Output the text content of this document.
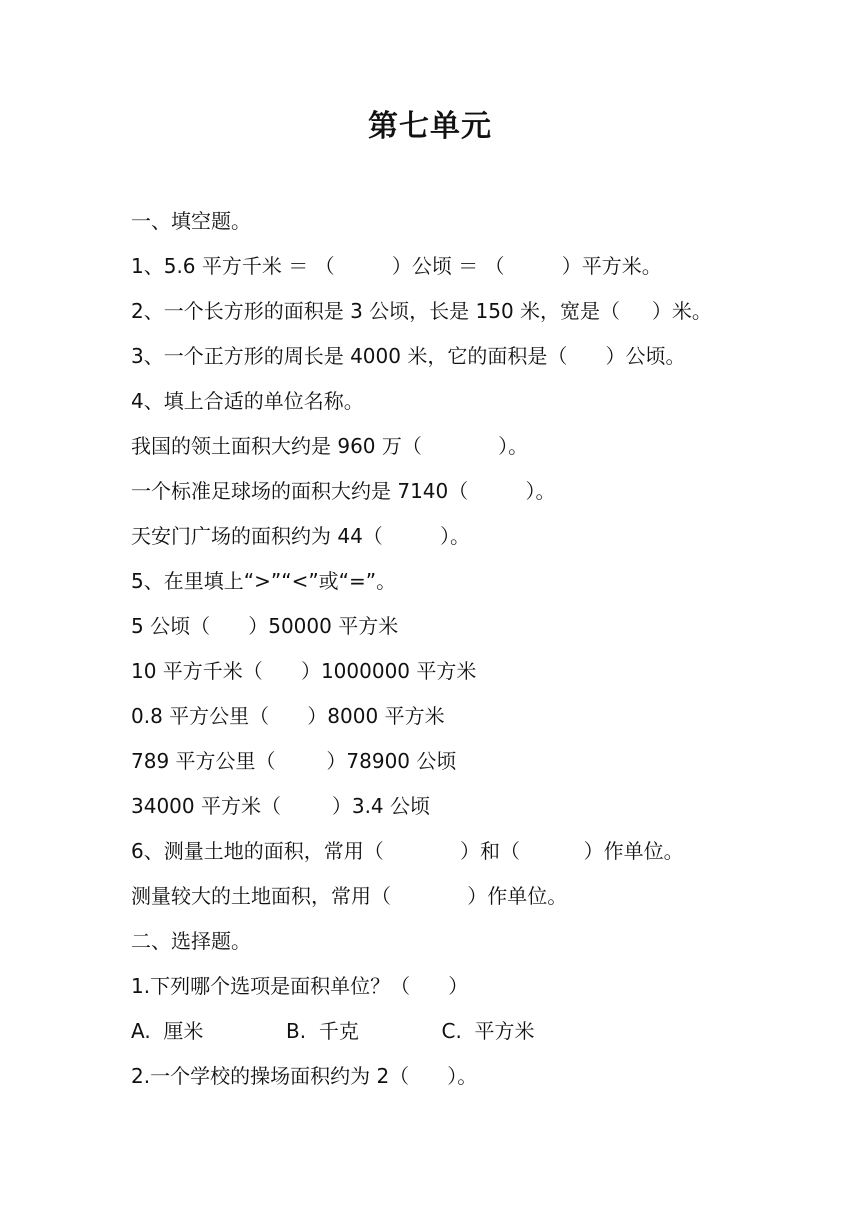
第七单元
一、填空题。
1、5.6 平方千米 ＝ （         ）公顷 ＝ （         ）平方米。
2、一个长方形的面积是 3 公顷，长是 150 米，宽是（     ）米。
3、一个正方形的周长是 4000 米，它的面积是（      ）公顷。
4、填上合适的单位名称。
我国的领土面积大约是 960 万（            ）。
一个标准足球场的面积大约是 7140（         ）。
天安门广场的面积约为 44（         ）。
5、在里填上“>”“<”或“=”。
5 公顷（      ）50000 平方米
10 平方千米（      ）1000000 平方米
0.8 平方公里（      ）8000 平方米
789 平方公里（        ）78900 公顷
34000 平方米（        ）3.4 公顷
6、测量土地的面积，常用（            ）和（          ）作单位。
测量较大的土地面积，常用（            ）作单位。
二、选择题。
1.下列哪个选项是面积单位？（      ）
A.  厘米             B.  千克             C.  平方米
2.一个学校的操场面积约为 2（      ）。
